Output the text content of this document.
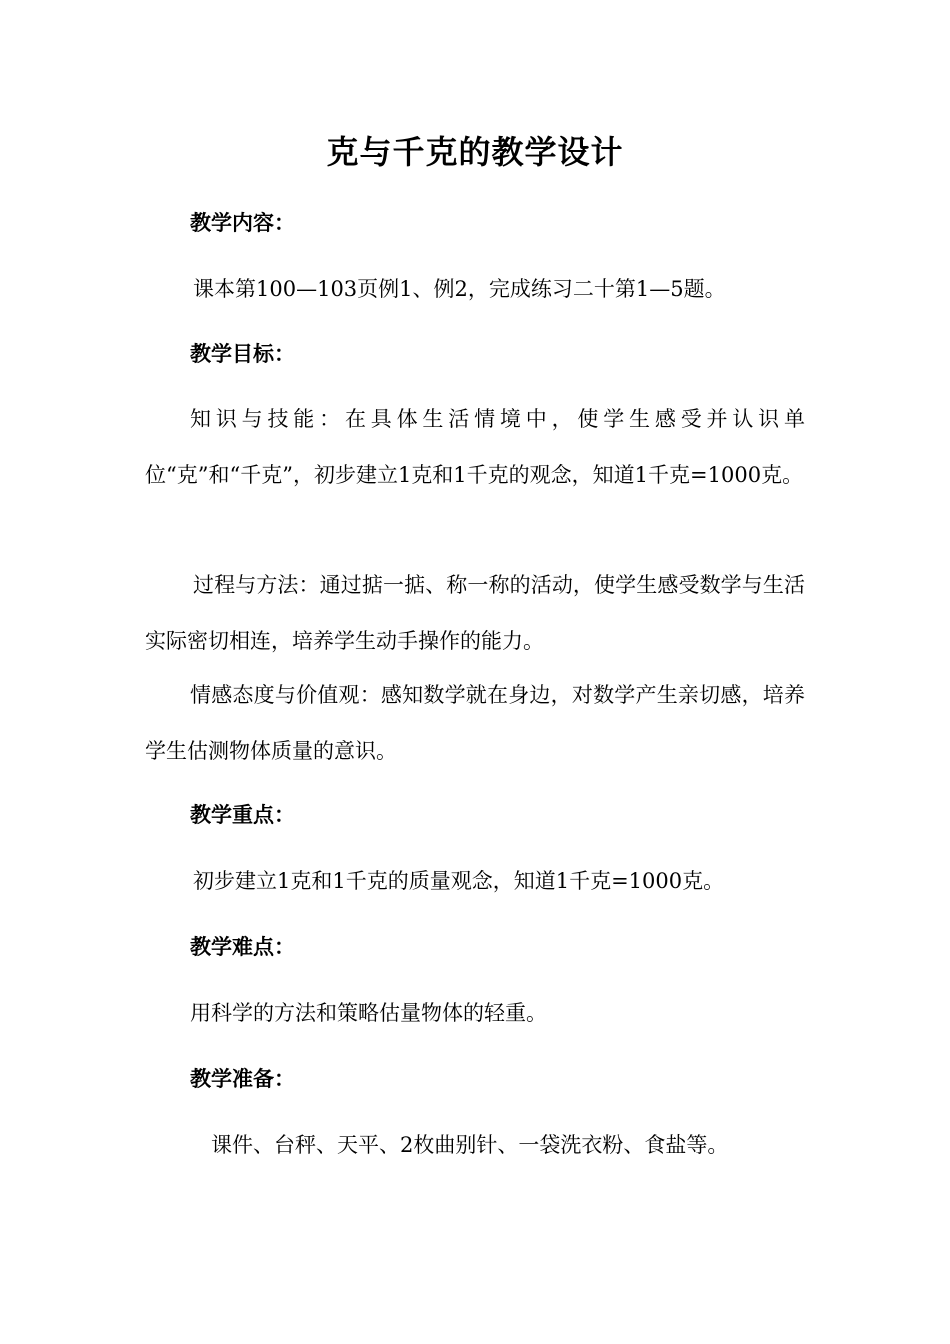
克与千克的教学设计
教学内容：
课本第100—103页例1、例2，完成练习二十第1—5题。
教学目标：
知识与技能：在具体生活情境中，使学生感受并认识单位“克”和“千克”，初步建立1克和1千克的观念，知道1千克=1000克。
过程与方法：通过掂一掂、称一称的活动，使学生感受数学与生活实际密切相连，培养学生动手操作的能力。
情感态度与价值观：感知数学就在身边，对数学产生亲切感，培养学生估测物体质量的意识。
教学重点：
初步建立1克和1千克的质量观念，知道1千克=1000克。
教学难点：
用科学的方法和策略估量物体的轻重。
教学准备：
课件、台秤、天平、2枚曲别针、一袋洗衣粉、食盐等。
